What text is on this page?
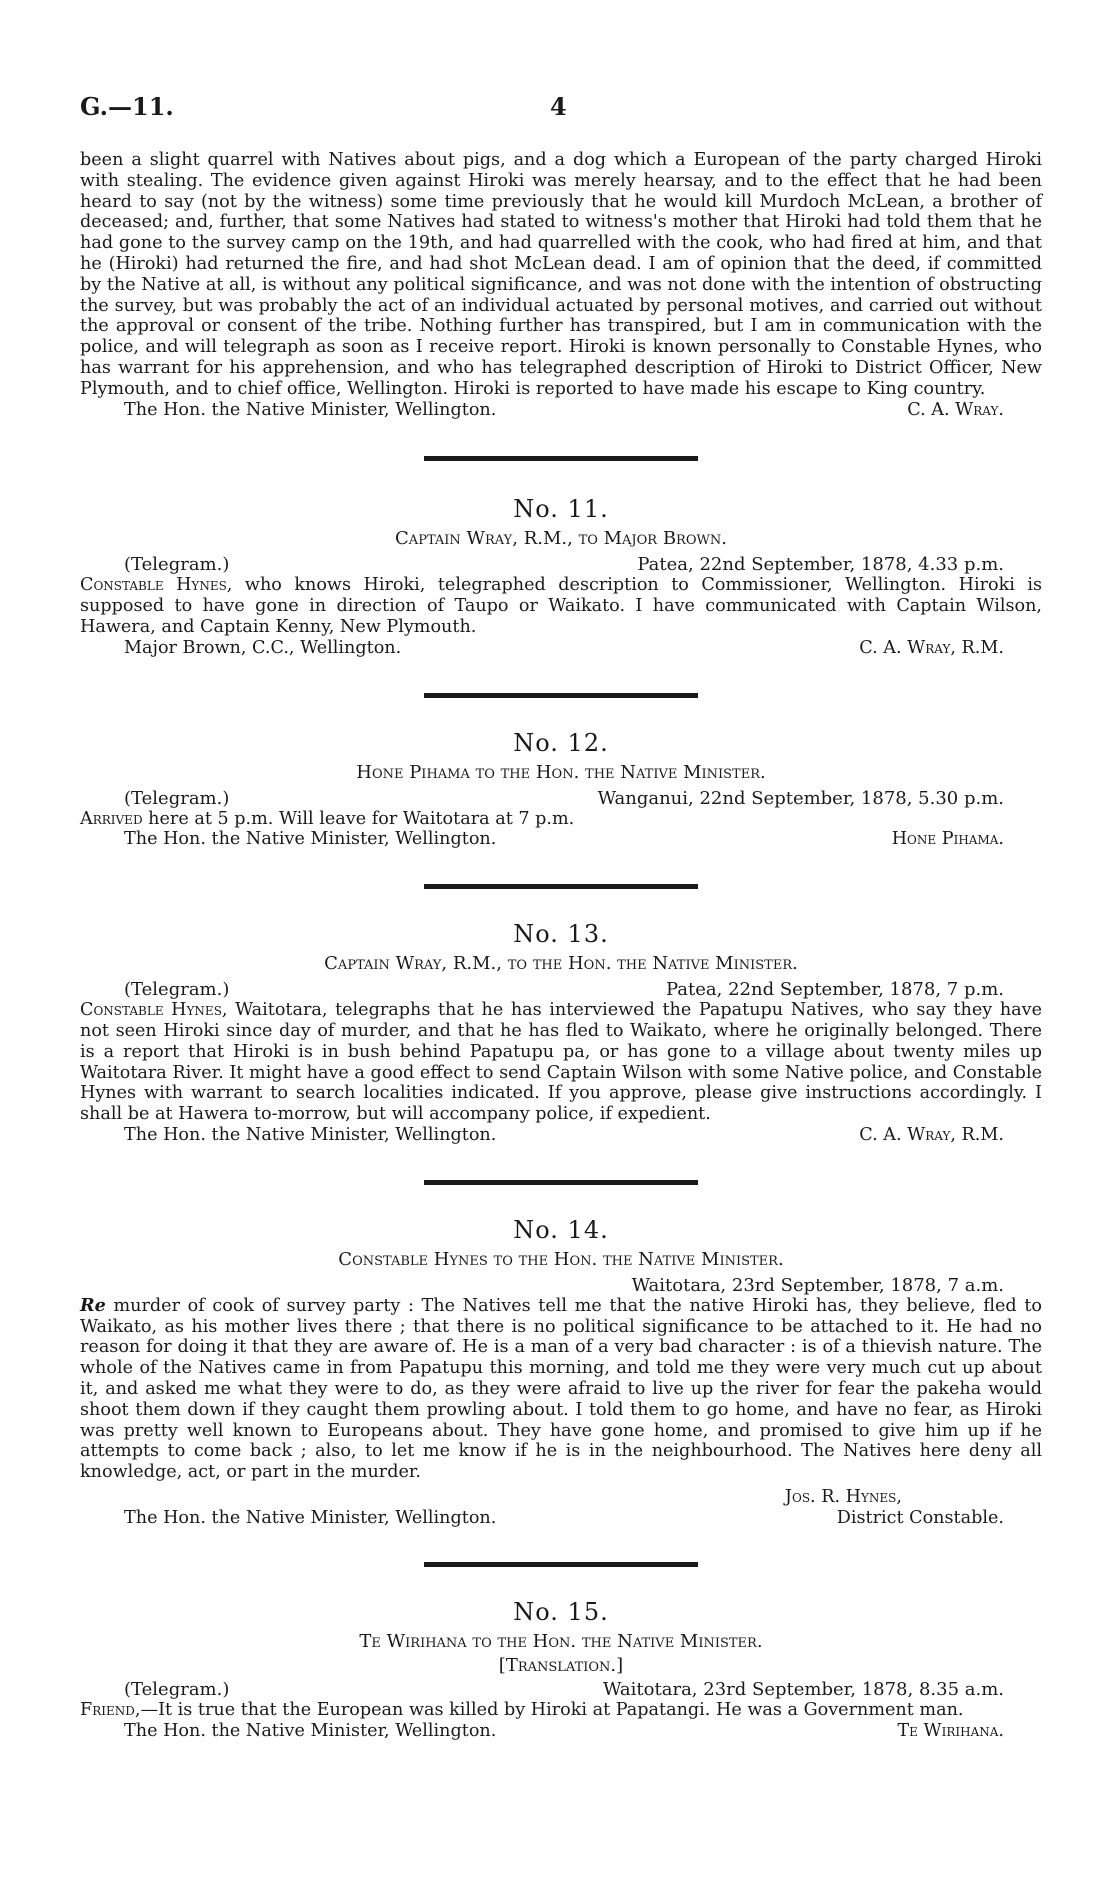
G.—11.	4

been a slight quarrel with Natives about pigs, and a dog which a European of the party charged Hiroki with stealing. The evidence given against Hiroki was merely hearsay, and to the effect that he had been heard to say (not by the witness) some time previously that he would kill Murdoch McLean, a brother of deceased; and, further, that some Natives had stated to witness's mother that Hiroki had told them that he had gone to the survey camp on the 19th, and had quarrelled with the cook, who had fired at him, and that he (Hiroki) had returned the fire, and had shot McLean dead. I am of opinion that the deed, if committed by the Native at all, is without any political significance, and was not done with the intention of obstructing the survey, but was probably the act of an individual actuated by personal motives, and carried out without the approval or consent of the tribe. Nothing further has transpired, but I am in communication with the police, and will telegraph as soon as I receive report. Hiroki is known personally to Constable Hynes, who has warrant for his apprehension, and who has telegraphed description of Hiroki to District Officer, New Plymouth, and to chief office, Wellington. Hiroki is reported to have made his escape to King country.

The Hon. the Native Minister, Wellington.	C. A. Wray.
No. 11.
Captain Wray, R.M., to Major Brown.
(Telegram.)	Patea, 22nd September, 1878, 4.33 p.m.

Constable Hynes, who knows Hiroki, telegraphed description to Commissioner, Wellington. Hiroki is supposed to have gone in direction of Taupo or Waikato. I have communicated with Captain Wilson, Hawera, and Captain Kenny, New Plymouth.

Major Brown, C.C., Wellington.	C. A. Wray, R.M.
No. 12.
Hone Pihama to the Hon. the Native Minister.
(Telegram.)	Wanganui, 22nd September, 1878, 5.30 p.m.

Arrived here at 5 p.m. Will leave for Waitotara at 7 p.m.

The Hon. the Native Minister, Wellington.	Hone Pihama.
No. 13.
Captain Wray, R.M., to the Hon. the Native Minister.
(Telegram.)	Patea, 22nd September, 1878, 7 p.m.

Constable Hynes, Waitotara, telegraphs that he has interviewed the Papatupu Natives, who say they have not seen Hiroki since day of murder, and that he has fled to Waikato, where he originally belonged. There is a report that Hiroki is in bush behind Papatupu pa, or has gone to a village about twenty miles up Waitotara River. It might have a good effect to send Captain Wilson with some Native police, and Constable Hynes with warrant to search localities indicated. If you approve, please give instructions accordingly. I shall be at Hawera to-morrow, but will accompany police, if expedient.

The Hon. the Native Minister, Wellington.	C. A. Wray, R.M.
No. 14.
Constable Hynes to the Hon. the Native Minister.
Waitotara, 23rd September, 1878, 7 a.m.

Re murder of cook of survey party : The Natives tell me that the native Hiroki has, they believe, fled to Waikato, as his mother lives there ; that there is no political significance to be attached to it. He had no reason for doing it that they are aware of. He is a man of a very bad character : is of a thievish nature. The whole of the Natives came in from Papatupu this morning, and told me they were very much cut up about it, and asked me what they were to do, as they were afraid to live up the river for fear the pakeha would shoot them down if they caught them prowling about. I told them to go home, and have no fear, as Hiroki was pretty well known to Europeans about. They have gone home, and promised to give him up if he attempts to come back ; also, to let me know if he is in the neighbourhood. The Natives here deny all knowledge, act, or part in the murder.

Jos. R. Hynes,
The Hon. the Native Minister, Wellington.	District Constable.
No. 15.
Te Wirihana to the Hon. the Native Minister.
[Translation.]
(Telegram.)	Waitotara, 23rd September, 1878, 8.35 a.m.

Friend,—It is true that the European was killed by Hiroki at Papatangi. He was a Government man.

The Hon. the Native Minister, Wellington.	Te Wirihana.
